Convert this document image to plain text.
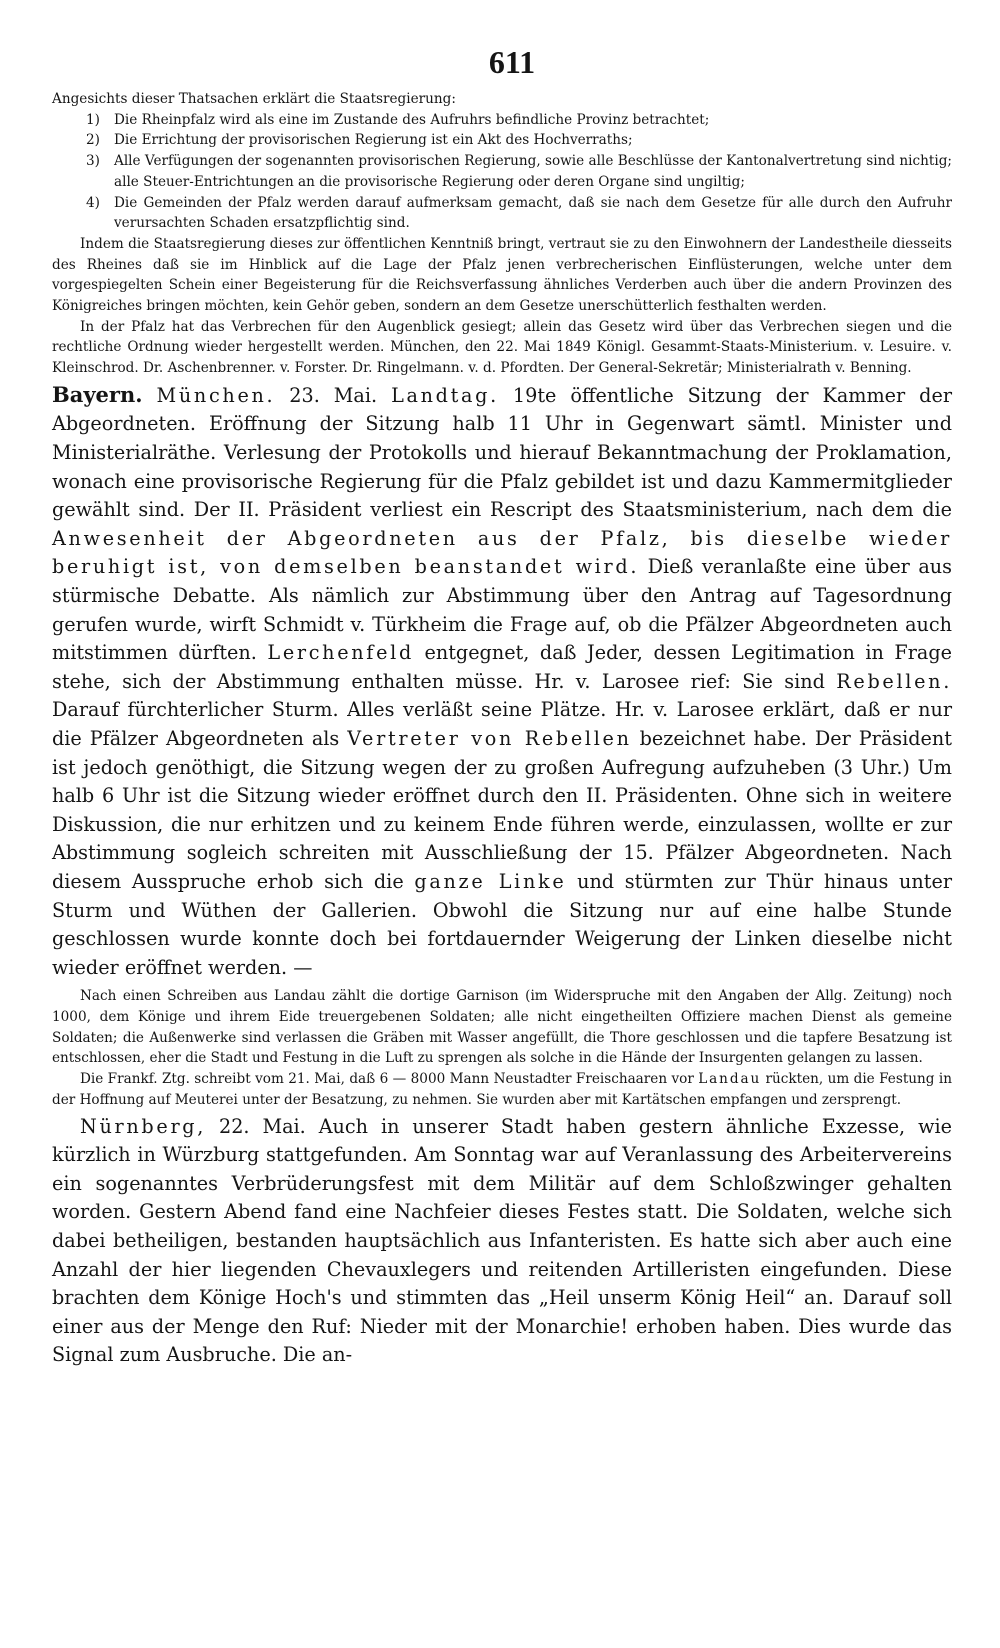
611

Angesichts dieser Thatsachen erklärt die Staatsregierung:

1) Die Rheinpfalz wird als eine im Zustande des Aufruhrs befindliche Provinz betrachtet;

2) Die Errichtung der provisorischen Regierung ist ein Akt des Hochverraths;

3) Alle Verfügungen der sogenannten provisorischen Regierung, sowie alle Beschlüsse der Kantonalvertretung sind nichtig; alle Steuer-Entrichtungen an die provisorische Regierung oder deren Organe sind ungiltig;

4) Die Gemeinden der Pfalz werden darauf aufmerksam gemacht, daß sie nach dem Gesetze für alle durch den Aufruhr verursachten Schaden ersatzpflichtig sind.

Indem die Staatsregierung dieses zur öffentlichen Kenntniß bringt, vertraut sie zu den Einwohnern der Landestheile diesseits des Rheines daß sie im Hinblick auf die Lage der Pfalz jenen verbrecherischen Einflüsterungen, welche unter dem vorgespiegelten Schein einer Begeisterung für die Reichsverfassung ähnliches Verderben auch über die andern Provinzen des Königreiches bringen möchten, kein Gehör geben, sondern an dem Gesetze unerschütterlich festhalten werden.

In der Pfalz hat das Verbrechen für den Augenblick gesiegt; allein das Gesetz wird über das Verbrechen siegen und die rechtliche Ordnung wieder hergestellt werden. München, den 22. Mai 1849 Königl. Gesammt-Staats-Ministerium. v. Lesuire. v. Kleinschrod. Dr. Aschenbrenner. v. Forster. Dr. Ringelmann. v. d. Pfordten. Der General-Sekretär; Ministerialrath v. Benning.

Bayern. München. 23. Mai. Landtag. 19te öffentliche Sitzung der Kammer der Abgeordneten. Eröffnung der Sitzung halb 11 Uhr in Gegenwart sämtl. Minister und Ministerialräthe. Verlesung der Protokolls und hierauf Bekanntmachung der Proklamation, wonach eine provisorische Regierung für die Pfalz gebildet ist und dazu Kammermitglieder gewählt sind. Der II. Präsident verliest ein Rescript des Staatsministerium, nach dem die Anwesenheit der Abgeordneten aus der Pfalz, bis dieselbe wieder beruhigt ist, von demselben beanstandet wird. Dieß veranlaßte eine über aus stürmische Debatte. Als nämlich zur Abstimmung über den Antrag auf Tagesordnung gerufen wurde, wirft Schmidt v. Türkheim die Frage auf, ob die Pfälzer Abgeordneten auch mitstimmen dürften. Lerchenfeld entgegnet, daß Jeder, dessen Legitimation in Frage stehe, sich der Abstimmung enthalten müsse. Hr. v. Larosee rief: Sie sind Rebellen. Darauf fürchterlicher Sturm. Alles verläßt seine Plätze. Hr. v. Larosee erklärt, daß er nur die Pfälzer Abgeordneten als Vertreter von Rebellen bezeichnet habe. Der Präsident ist jedoch genöthigt, die Sitzung wegen der zu großen Aufregung aufzuheben (3 Uhr.) Um halb 6 Uhr ist die Sitzung wieder eröffnet durch den II. Präsidenten. Ohne sich in weitere Diskussion, die nur erhitzen und zu keinem Ende führen werde, einzulassen, wollte er zur Abstimmung sogleich schreiten mit Ausschließung der 15. Pfälzer Abgeordneten. Nach diesem Ausspruche erhob sich die ganze Linke und stürmten zur Thür hinaus unter Sturm und Wüthen der Gallerien. Obwohl die Sitzung nur auf eine halbe Stunde geschlossen wurde konnte doch bei fortdauernder Weigerung der Linken dieselbe nicht wieder eröffnet werden. —

Nach einen Schreiben aus Landau zählt die dortige Garnison (im Widerspruche mit den Angaben der Allg. Zeitung) noch 1000, dem Könige und ihrem Eide treuergebenen Soldaten; alle nicht eingetheilten Offiziere machen Dienst als gemeine Soldaten; die Außenwerke sind verlassen die Gräben mit Wasser angefüllt, die Thore geschlossen und die tapfere Besatzung ist entschlossen, eher die Stadt und Festung in die Luft zu sprengen als solche in die Hände der Insurgenten gelangen zu lassen.

Die Frankf. Ztg. schreibt vom 21. Mai, daß 6 — 8000 Mann Neustadter Freischaaren vor Landau rückten, um die Festung in der Hoffnung auf Meuterei unter der Besatzung, zu nehmen. Sie wurden aber mit Kartätschen empfangen und zersprengt.

Nürnberg, 22. Mai. Auch in unserer Stadt haben gestern ähnliche Exzesse, wie kürzlich in Würzburg stattgefunden. Am Sonntag war auf Veranlassung des Arbeitervereins ein sogenanntes Verbrüderungsfest mit dem Militär auf dem Schloßzwinger gehalten worden. Gestern Abend fand eine Nachfeier dieses Festes statt. Die Soldaten, welche sich dabei betheiligen, bestanden hauptsächlich aus Infanteristen. Es hatte sich aber auch eine Anzahl der hier liegenden Chevauxlegers und reitenden Artilleristen eingefunden. Diese brachten dem Könige Hoch's und stimmten das „Heil unserm König Heil“ an. Darauf soll einer aus der Menge den Ruf: Nieder mit der Monarchie! erhoben haben. Dies wurde das Signal zum Ausbruche. Die an-
